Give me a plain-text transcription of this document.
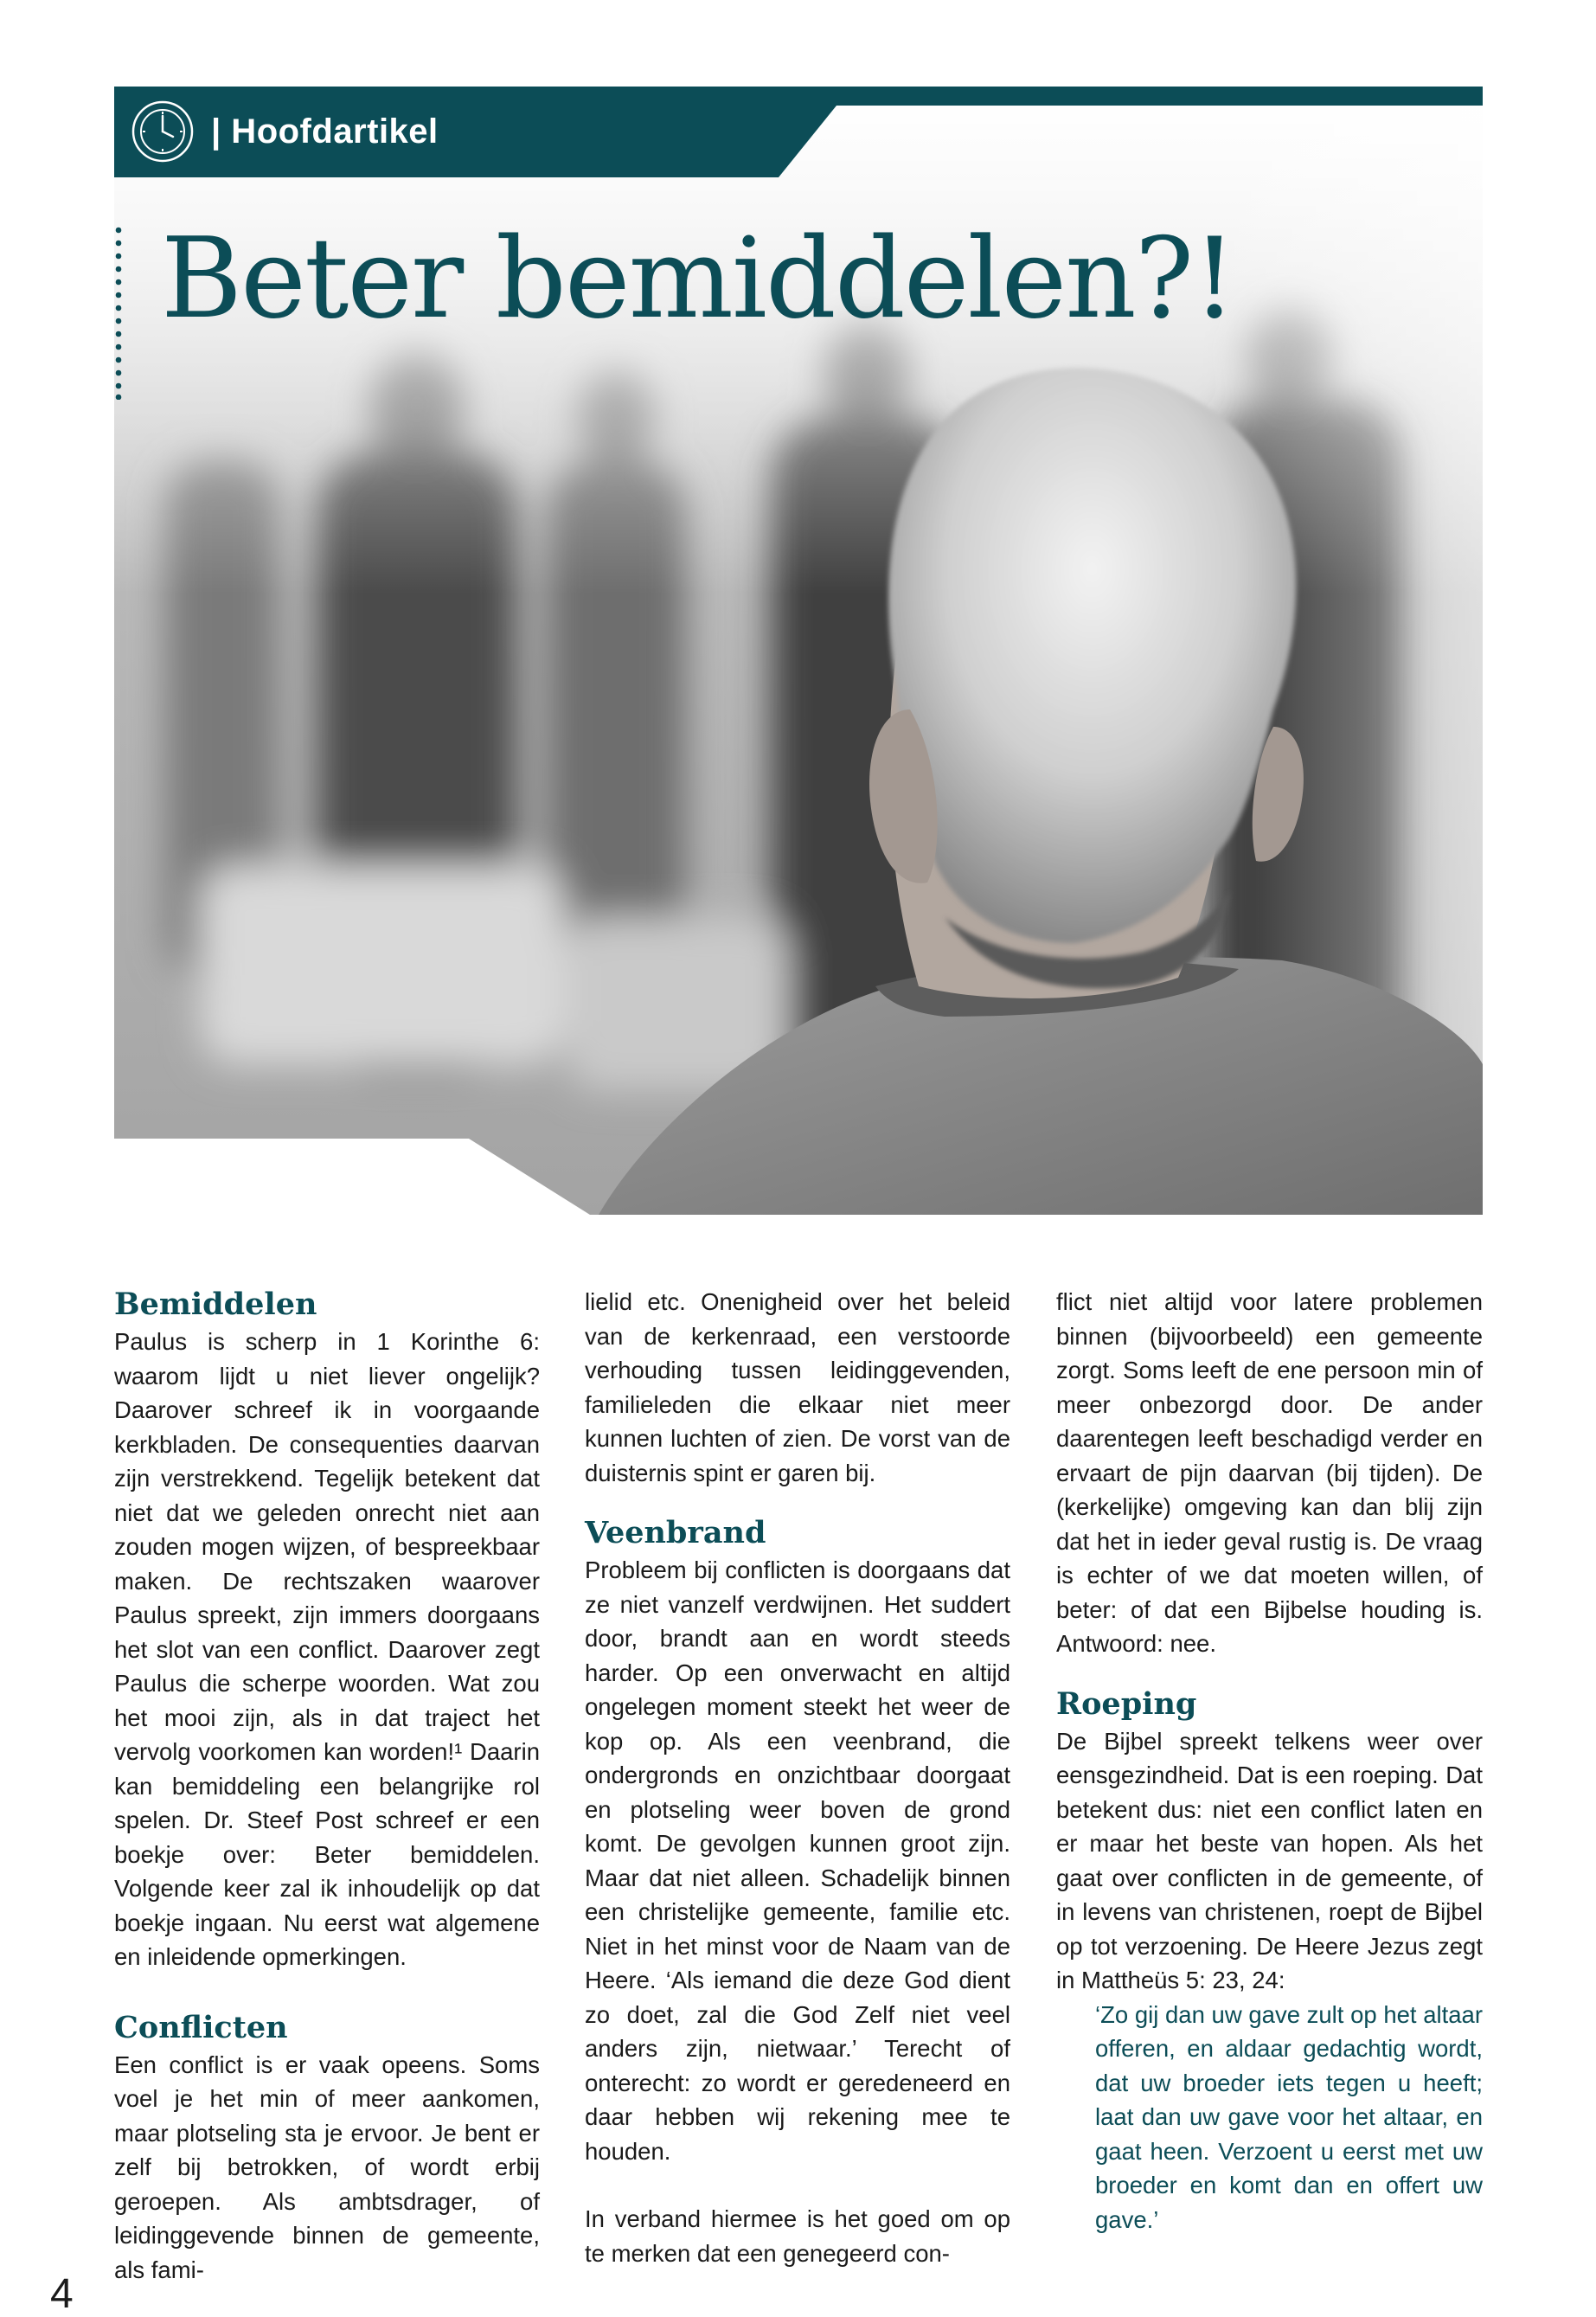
| Hoofdartikel
Beter bemiddelen?!
Bemiddelen

Paulus is scherp in 1 Korinthe 6: waarom lijdt u niet liever ongelijk? Daarover schreef ik in voorgaande kerkbladen. De consequenties daarvan zijn verstrekkend. Tegelijk betekent dat niet dat we geleden onrecht niet aan zouden mogen wijzen, of bespreekbaar maken. De rechtszaken waarover Paulus spreekt, zijn immers doorgaans het slot van een conflict. Daarover zegt Paulus die scherpe woorden. Wat zou het mooi zijn, als in dat traject het vervolg voorkomen kan worden!¹ Daarin kan bemiddeling een belangrijke rol spelen. Dr. Steef Post schreef er een boekje over: Beter bemiddelen. Volgende keer zal ik inhoudelijk op dat boekje ingaan. Nu eerst wat algemene en inleidende opmerkingen.

Conflicten

Een conflict is er vaak opeens. Soms voel je het min of meer aankomen, maar plotseling sta je ervoor. Je bent er zelf bij betrokken, of wordt erbij geroepen. Als ambtsdrager, of leidinggevende binnen de gemeente, als fami-

lielid etc. Onenigheid over het beleid van de kerkenraad, een verstoorde verhouding tussen leidinggevenden, familieleden die elkaar niet meer kunnen luchten of zien. De vorst van de duisternis spint er garen bij.

Veenbrand

Probleem bij conflicten is doorgaans dat ze niet vanzelf verdwijnen. Het suddert door, brandt aan en wordt steeds harder. Op een onverwacht en altijd ongelegen moment steekt het weer de kop op. Als een veenbrand, die ondergronds en onzichtbaar doorgaat en plotseling weer boven de grond komt. De gevolgen kunnen groot zijn. Maar dat niet alleen. Schadelijk binnen een christelijke gemeente, familie etc. Niet in het minst voor de Naam van de Heere. ‘Als iemand die deze God dient zo doet, zal die God Zelf niet veel anders zijn, nietwaar.’ Terecht of onterecht: zo wordt er geredeneerd en daar hebben wij rekening mee te houden.

In verband hiermee is het goed om op te merken dat een genegeerd con-

flict niet altijd voor latere problemen binnen (bijvoorbeeld) een gemeente zorgt. Soms leeft de ene persoon min of meer onbezorgd door. De ander daarentegen leeft beschadigd verder en ervaart de pijn daarvan (bij tijden). De (kerkelijke) omgeving kan dan blij zijn dat het in ieder geval rustig is. De vraag is echter of we dat moeten willen, of beter: of dat een Bijbelse houding is. Antwoord: nee.

Roeping

De Bijbel spreekt telkens weer over eensgezindheid. Dat is een roeping. Dat betekent dus: niet een conflict laten en er maar het beste van hopen. Als het gaat over conflicten in de gemeente, of in levens van christenen, roept de Bijbel op tot verzoening. De Heere Jezus zegt in Mattheüs 5: 23, 24:

‘Zo gij dan uw gave zult op het altaar offeren, en aldaar gedachtig wordt, dat uw broeder iets tegen u heeft; laat dan uw gave voor het altaar, en gaat heen. Verzoent u eerst met uw broeder en komt dan en offert uw gave.’

4
